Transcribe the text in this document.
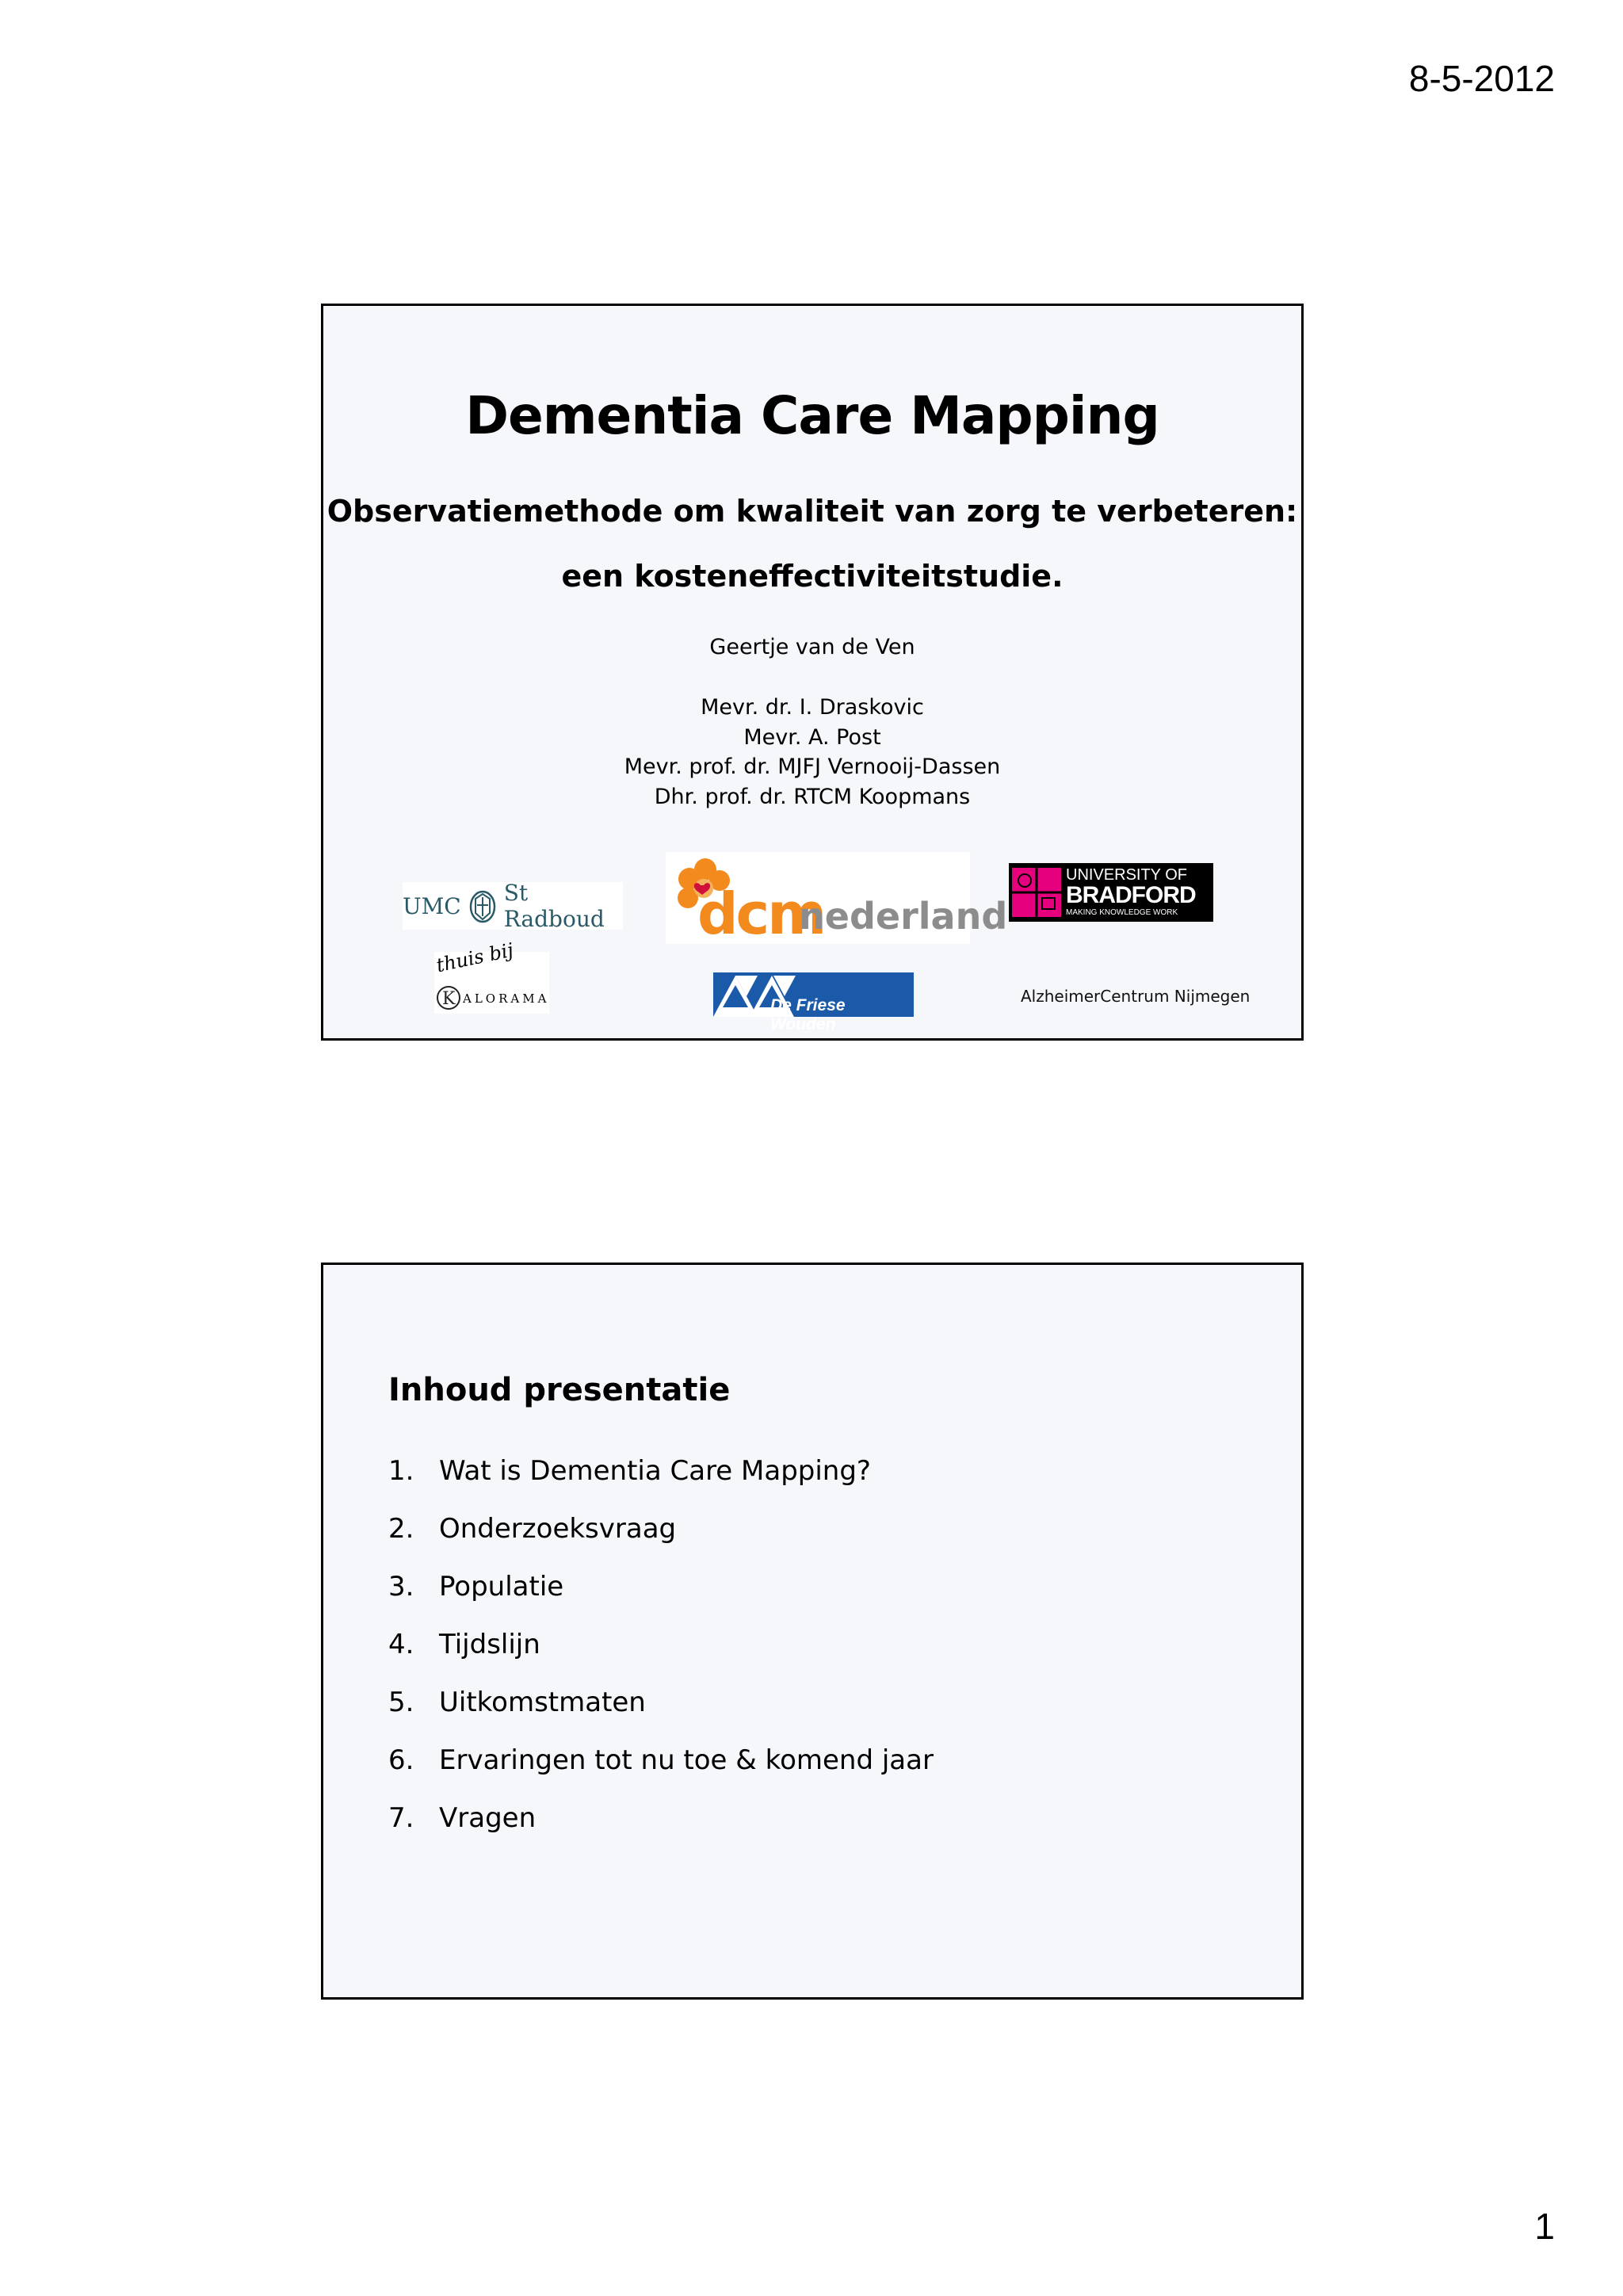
8-5-2012
Dementia Care Mapping
Observatiemethode om kwaliteit van zorg te verbeteren:
een kosteneffectiviteitstudie.
Geertje van de Ven
Mevr. dr. I. Draskovic
Mevr. A. Post
Mevr. prof. dr. MJFJ Vernooij-Dassen
Dhr. prof. dr. RTCM Koopmans
UMC St Radboud	dcm
nederland
UNIVERSITY OF
BRADFORD
MAKING KNOWLEDGE WORK
thuis bij
K ALORAMA	De Friese Wouden
AlzheimerCentrum Nijmegen
Inhoud presentatie
1. Wat is Dementia Care Mapping?
2. Onderzoeksvraag
3. Populatie
4. Tijdslijn
5. Uitkomstmaten
6. Ervaringen tot nu toe & komend jaar
7. Vragen
1
